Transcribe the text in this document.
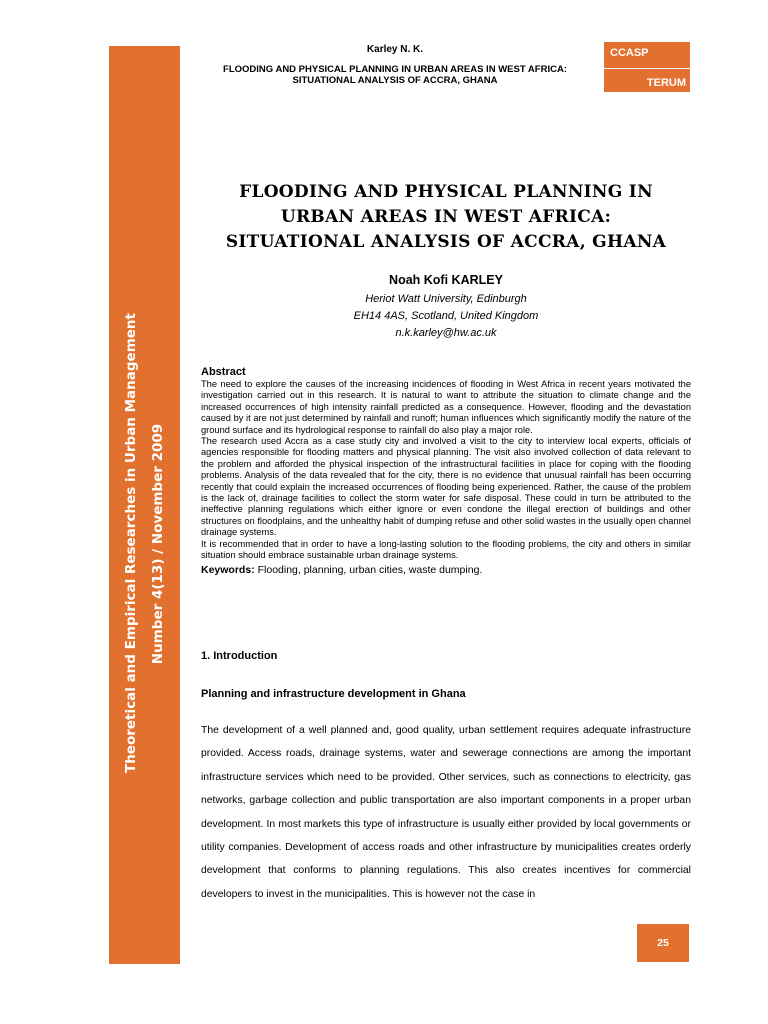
Theoretical and Empirical Researches in Urban Management Number 4(13) / November 2009
Karley N. K.
FLOODING AND PHYSICAL PLANNING IN URBAN AREAS IN WEST AFRICA: SITUATIONAL ANALYSIS OF ACCRA, GHANA
CCASP
TERUM
FLOODING AND PHYSICAL PLANNING IN
URBAN AREAS IN WEST AFRICA:
SITUATIONAL ANALYSIS OF ACCRA, GHANA
Noah Kofi KARLEY
Heriot Watt University, Edinburgh
EH14 4AS, Scotland, United Kingdom
n.k.karley@hw.ac.uk
Abstract

The need to explore the causes of the increasing incidences of flooding in West Africa in recent years motivated the investigation carried out in this research. It is natural to want to attribute the situation to climate change and the increased occurrences of high intensity rainfall predicted as a consequence. However, flooding and the devastation caused by it are not just determined by rainfall and runoff; human influences which significantly modify the nature of the ground surface and its hydrological response to rainfall do also play a major role.

The research used Accra as a case study city and involved a visit to the city to interview local experts, officials of agencies responsible for flooding matters and physical planning. The visit also involved collection of data relevant to the problem and afforded the physical inspection of the infrastructural facilities in place for coping with the flooding problems. Analysis of the data revealed that for the city, there is no evidence that unusual rainfall has been occurring recently that could explain the increased occurrences of flooding being experienced. Rather, the cause of the problem is the lack of, drainage facilities to collect the storm water for safe disposal. These could in turn be attributed to the ineffective planning regulations which either ignore or even condone the illegal erection of buildings and other structures on floodplains, and the unhealthy habit of dumping refuse and other solid wastes in the usually open channel drainage systems.

It is recommended that in order to have a long-lasting solution to the flooding problems, the city and others in similar situation should embrace sustainable urban drainage systems.

Keywords: Flooding, planning, urban cities, waste dumping.
1. Introduction
Planning and infrastructure development in Ghana

The development of a well planned and, good quality, urban settlement requires adequate infrastructure provided. Access roads, drainage systems, water and sewerage connections are among the important infrastructure services which need to be provided. Other services, such as connections to electricity, gas networks, garbage collection and public transportation are also important components in a proper urban development. In most markets this type of infrastructure is usually either provided by local governments or utility companies. Development of access roads and other infrastructure by municipalities creates orderly development that conforms to planning regulations. This also creates incentives for commercial developers to invest in the municipalities. This is however not the case in

25
